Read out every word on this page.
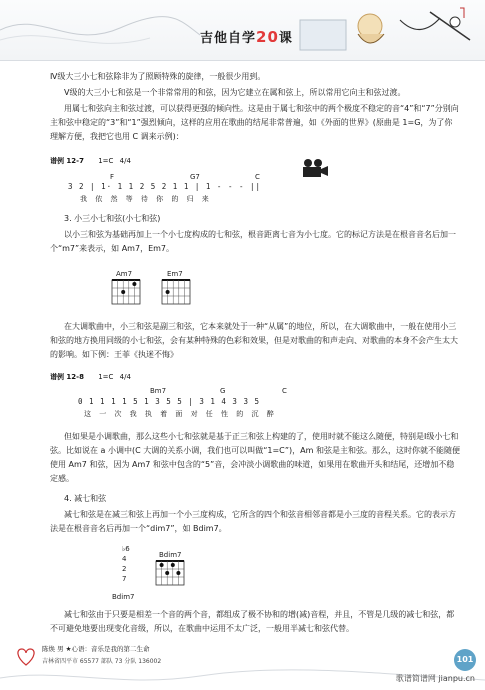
吉他自学20课
Ⅳ级大三小七和弦除非为了照顾特殊的旋律，一般很少用到。
Ⅴ级的大三小七和弦是一个非常常用的和弦，因为它建立在属和弦上，所以常用它向主和弦过渡。
用属七和弦向主和弦过渡，可以获得更强的倾向性。这是由于属七和弦中的两个极度不稳定的音“4”和“7”分别向主和弦中稳定的“3”和“1”强烈倾向，这样的应用在歌曲的结尾非常普遍，如《外面的世界》(原曲是 1=G，为了你理解方便，我把它也用 C 调来示例)：
谱例 12-7 1=C 4/4
F	G7	C
3 2 | 1· 1 1 2 5 2 1 1 | 1 - - - ||
我 依 然 等 待 你 的 归 来
3. 小三小七和弦(小七和弦)
以小三和弦为基础再加上一个小七度构成的七和弦，根音距离七音为小七度。它的标记方法是在根音音名后加一个“m7”来表示，如 Am7，Em7。
Am7	Em7
在大调歌曲中，小三和弦是副三和弦，它本来就处于一种“从属”的地位，所以，在大调歌曲中，一般在使用小三和弦的地方换用同级的小七和弦，会有某种特殊的色彩和效果，但是对歌曲的和声走向、对歌曲的本身不会产生太大的影响。如下例：王菲《执迷不悔》
谱例 12-8 1=C 4/4
Bm7	G	C
0 1 1 1 1 5 1 3 5 5 | 3 1 4 3 3 5
这 一 次 我 执 着 面 对 任 性 的 沉 醉
但如果是小调歌曲，那么这些小七和弦就是基于正三和弦上构建的了，使用时就不能这么随便，特别是Ⅰ级小七和弦。比如说在 a 小调中(C 大调的关系小调，我们也可以叫做“1=C”)，Am 和弦是主和弦。那么，这时你就不能随便使用 Am7 和弦，因为 Am7 和弦中包含的“5”音，会冲淡小调歌曲的味道，如果用在歌曲开头和结尾，还增加不稳定感。
4. 减七和弦
减七和弦是在减三和弦上再加一个小三度构成，它所含的四个和弦音相邻音都是小三度的音程关系。它的表示方法是在根音音名后再加一个“dim7”，如 Bdim7。
♭6
4
2
7
Bdim7
Bdim7
减七和弦由于只要是相差一个音的两个音，都组成了极不协和的增(减)音程，并且，不管是几级的减七和弦，都不可避免地要出现变化音级，所以，在歌曲中运用不太广泛，一般用半减七和弦代替。
陈焕 男 ★心语：音乐是我的第二生命
吉林省四平市 65577 部队 73 分队 136002	101
歌谱简谱网 jianpu.cn
